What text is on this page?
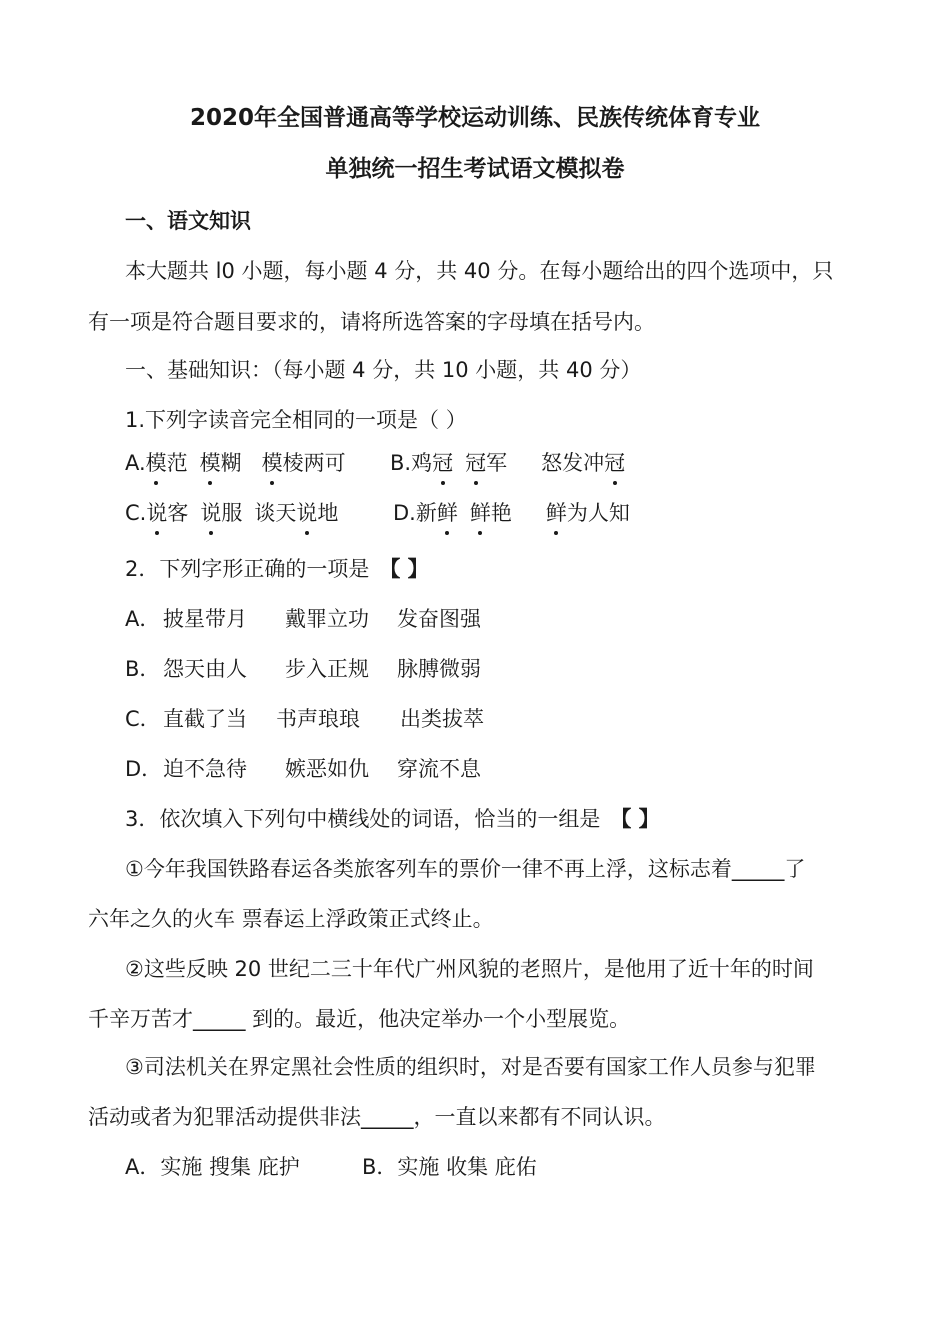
2020年全国普通高等学校运动训练、民族传统体育专业
单独统一招生考试语文模拟卷
一、语文知识
本大题共 l0 小题，每小题 4 分，共 40 分。在每小题给出的四个选项中，只
有一项是符合题目要求的，请将所选答案的字母填在括号内。
一、基础知识：（每小题 4 分，共 10 小题，共 40 分）
1.下列字读音完全相同的一项是（ ）
A.模范 模糊 模棱两可 B.鸡冠 冠军 怒发冲冠
C.说客 说服 谈天说地	D.新鲜 鲜艳 鲜为人知
2．下列字形正确的一项是 【 】
A． 披星带月 戴罪立功 发奋图强
B． 怨天由人 步入正规 脉膊微弱
C． 直截了当 书声琅琅 出类拔萃
D．迫不急待 嫉恶如仇 穿流不息
3．依次填入下列句中横线处的词语，恰当的一组是 【 】
①今年我国铁路春运各类旅客列车的票价一律不再上浮，这标志着_____了
六年之久的火车 票春运上浮政策正式终止。
②这些反映 20 世纪二三十年代广州风貌的老照片，是他用了近十年的时间
千辛万苦才_____ 到的。最近，他决定举办一个小型展览。
③司法机关在界定黑社会性质的组织时，对是否要有国家工作人员参与犯罪
活动或者为犯罪活动提供非法_____，一直以来都有不同认识。
A．实施 搜集 庇护	B．实施 收集 庇佑
